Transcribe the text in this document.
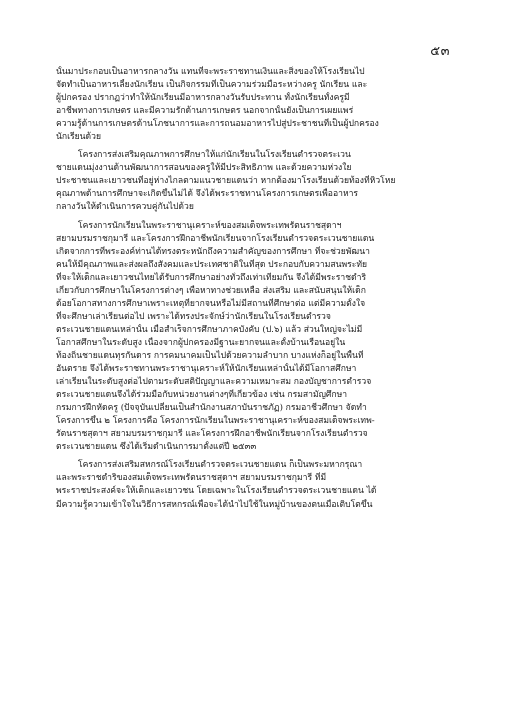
๕๓
นั้นมาประกอบเป็นอาหารกลางวัน แทนที่จะพระราชทานเงินและสิ่งของให้โรงเรียนไป
จัดทำเป็นอาหารเลี้ยงนักเรียน เป็นกิจกรรมที่เป็นความร่วมมือระหว่างครู นักเรียน และ
ผู้ปกครอง ปรากฏว่าทำให้นักเรียนมีอาหารกลางวันรับประทาน ทั้งนักเรียนทั้งครูมี
อาชีพทางการเกษตร และมีความรักด้านการเกษตร นอกจากนั้นยังเป็นการเผยแพร่
ความรู้ด้านการเกษตรด้านโภชนาการและการถนอมอาหารไปสู่ประชาชนที่เป็นผู้ปกครอง
นักเรียนด้วย
โครงการส่งเสริมคุณภาพการศึกษาให้แก่นักเรียนในโรงเรียนตำรวจตระเวน
ชายแดนมุ่งงานด้านพัฒนาการสอนของครูให้มีประสิทธิภาพ และด้วยความห่วงใย
ประชาชนและเยาวชนที่อยู่ห่างไกลตามแนวชายแดนว่า หากต้องมาโรงเรียนด้วยท้องที่หิวโหย
คุณภาพด้านการศึกษาจะเกิดขึ้นไม่ได้ จึงได้พระราชทานโครงการเกษตรเพื่ออาหาร
กลางวันให้ดำเนินการควบคู่กันไปด้วย
โครงการนักเรียนในพระราชานุเคราะห์ของสมเด็จพระเทพรัตนราชสุดาฯ
สยามบรมราชกุมารี และโครงการฝึกอาชีพนักเรียนจากโรงเรียนตำรวจตระเวนชายแดน
เกิดจากการที่พระองค์ท่านได้ทรงตระหนักถึงความสำคัญของการศึกษา ที่จะช่วยพัฒนา
คนให้มีคุณภาพและส่งผลถึงสังคมและประเทศชาติในที่สุด ประกอบกับความสนพระทัย
ที่จะให้เด็กและเยาวชนไทยได้รับการศึกษาอย่างทั่วถึงเท่าเทียมกัน จึงได้มีพระราชดำริ
เกี่ยวกับการศึกษาในโครงการต่างๆ เพื่อหาทางช่วยเหลือ ส่งเสริม และสนับสนุนให้เด็ก
ด้อยโอกาสทางการศึกษาเพราะเหตุที่ยากจนหรือไม่มีสถานที่ศึกษาต่อ แต่มีความตั้งใจ
ที่จะศึกษาเล่าเรียนต่อไป เพราะได้ทรงประจักษ์ว่านักเรียนในโรงเรียนตำรวจ
ตระเวนชายแดนเหล่านั้น เมื่อสำเร็จการศึกษาภาคบังคับ (ป.๖) แล้ว ส่วนใหญ่จะไม่มี
โอกาสศึกษาในระดับสูง เนื่องจากผู้ปกครองมีฐานะยากจนและตั้งบ้านเรือนอยู่ใน
ท้องถิ่นชายแดนทุรกันดาร การคมนาคมเป็นไปด้วยความลำบาก บางแห่งก็อยู่ในพื้นที่
อันตราย จึงได้พระราชทานพระราชานุเคราะห์ให้นักเรียนเหล่านั้นได้มีโอกาสศึกษา
เล่าเรียนในระดับสูงต่อไปตามระดับสติปัญญาและความเหมาะสม กองบัญชาการตำรวจ
ตระเวนชายแดนจึงได้ร่วมมือกับหน่วยงานต่างๆที่เกี่ยวข้อง เช่น กรมสามัญศึกษา
กรมการฝึกหัดครู (ปัจจุบันเปลี่ยนเป็นสำนักงานสภาบันราชภัฏ) กรมอาชีวศึกษา จัดทำ
โครงการขึ้น ๒ โครงการคือ โครงการนักเรียนในพระราชานุเคราะห์ของสมเด็จพระเทพ-
รัตนราชสุดาฯ สยามบรมราชกุมารี และโครงการฝึกอาชีพนักเรียนจากโรงเรียนตำรวจ
ตระเวนชายแดน ซึ่งได้เริ่มดำเนินการมาตั้งแต่ปี ๒๕๓๓
โครงการส่งเสริมสหกรณ์โรงเรียนตำรวจตระเวนชายแดน ก็เป็นพระมหากรุณา
และพระราชดำริของสมเด็จพระเทพรัตนราชสุดาฯ สยามบรมราชกุมารี ที่มี
พระราชประสงค์จะให้เด็กและเยาวชน โดยเฉพาะในโรงเรียนตำรวจตระเวนชายแดน ได้
มีความรู้ความเข้าใจในวิธีการสหกรณ์เพื่อจะได้นำไปใช้ในหมู่บ้านของตนเมื่อเติบโตขึ้น
